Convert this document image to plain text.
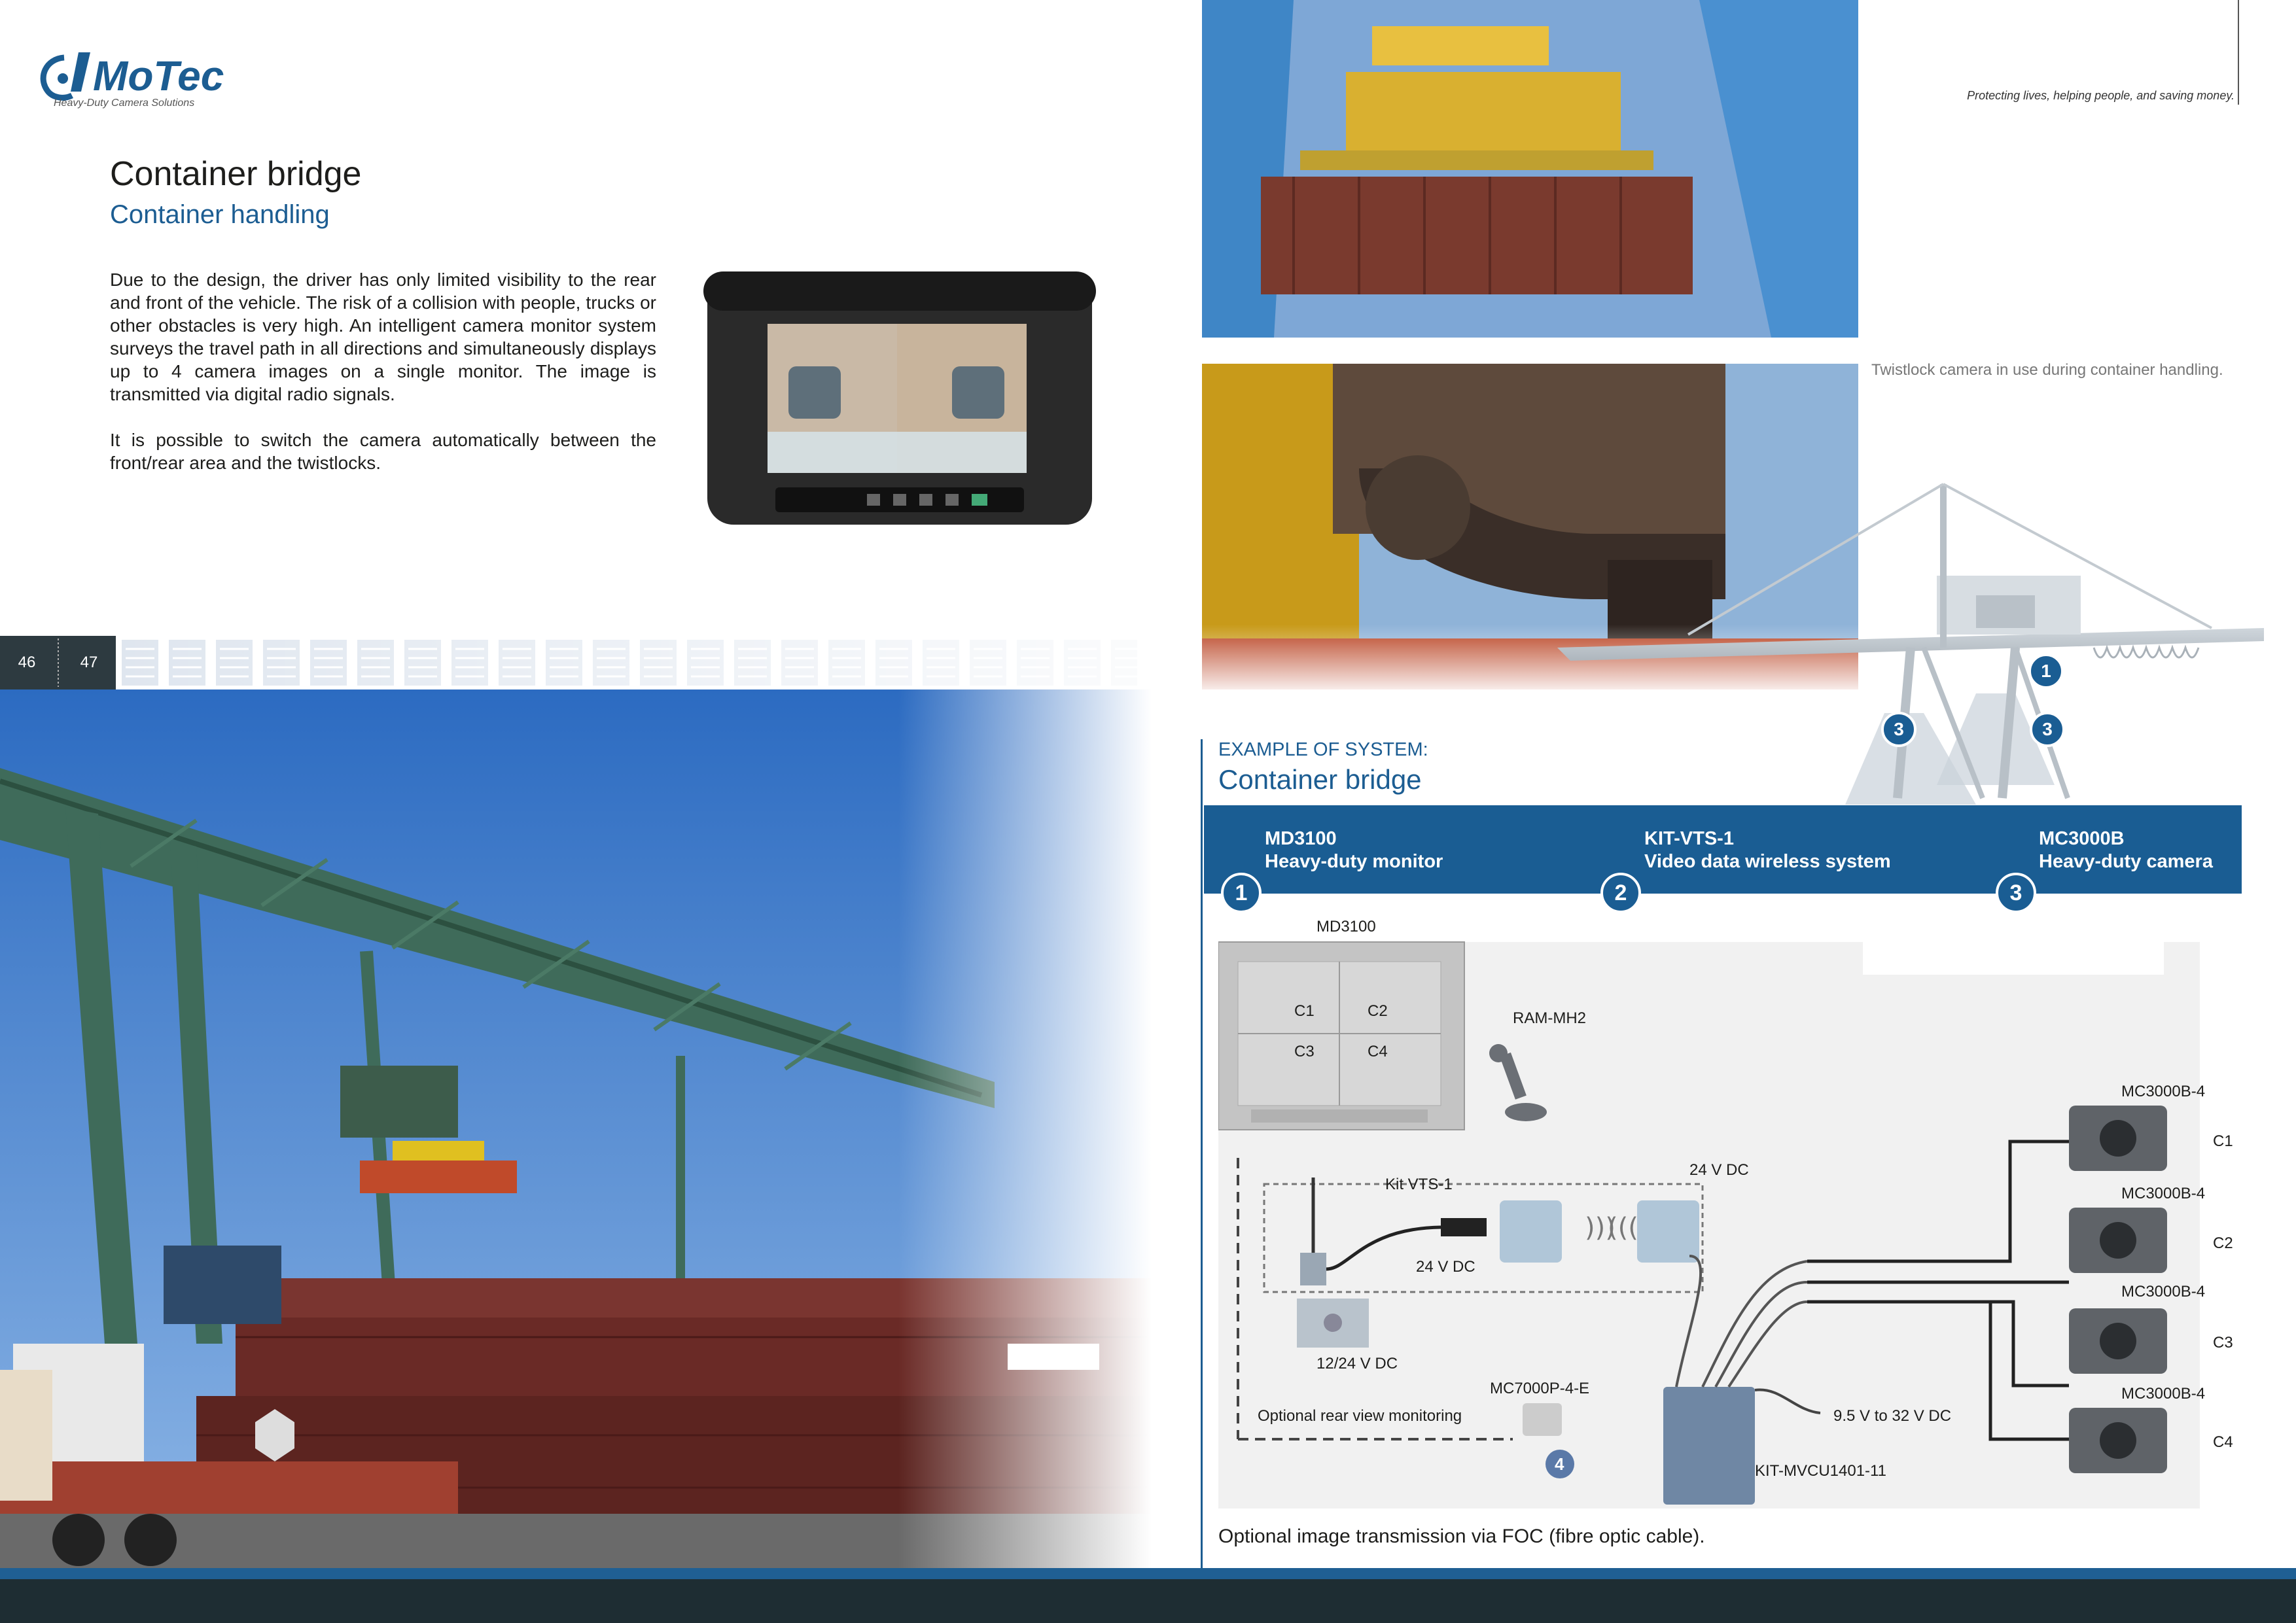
MoTec
Heavy-Duty Camera Solutions
Container bridge
Container handling

Due to the design, the driver has only limited visibility to the rear and front of the vehicle. The risk of a collision with people, trucks or other obstacles is very high. An intelligent camera monitor system surveys the travel path in all directions and simultaneously displays up to 4 camera images on a single monitor. The image is transmitted via digital radio signals.

It is possible to switch the camera automatically between the front/rear area and the twistlocks.

46	47
Protecting lives, helping people, and saving money.
Twistlock camera in use during container handling.
1
3	3
EXAMPLE OF SYSTEM:
Container bridge
MD3100
Heavy-duty monitor
KIT-VTS-1
Video data wireless system
MC3000B
Heavy-duty camera
1	2	3
MD3100
C1	C2
C3	C4
RAM-MH2
Kit VTS-1
24 V DC
24 V DC
)))
(((
12/24 V DC
Optional rear view monitoring
MC7000P-4-E
4	KIT-MVCU1401-11
9.5 V to 32 V DC
MC3000B-4
MC3000B-4
MC3000B-4
MC3000B-4
C1
C2
C3
C4
Optional image transmission via FOC (fibre optic cable).
